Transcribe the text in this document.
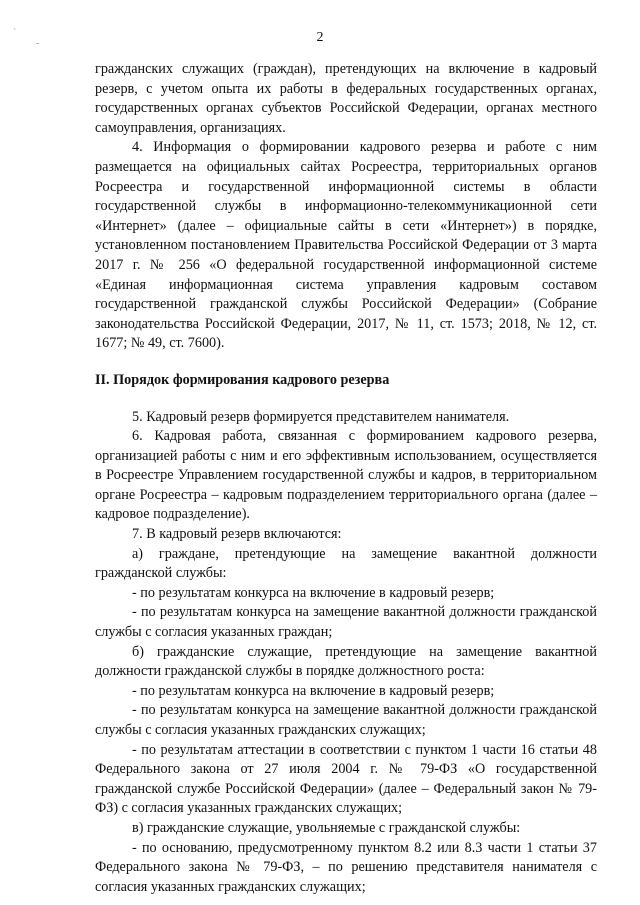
ˋ
-	2

гражданских служащих (граждан), претендующих на включение в кадровый резерв, с учетом опыта их работы в федеральных государственных органах, государственных органах субъектов Российской Федерации, органах местного самоуправления, организациях.

4. Информация о формировании кадрового резерва и работе с ним размещается на официальных сайтах Росреестра, территориальных органов Росреестра и государственной информационной системы в области государственной службы в информационно-телекоммуникационной сети «Интернет» (далее – официальные сайты в сети «Интернет») в порядке, установленном постановлением Правительства Российской Федерации от 3 марта 2017 г. № 256 «О федеральной государственной информационной системе «Единая информационная система управления кадровым составом государственной гражданской службы Российской Федерации» (Собрание законодательства Российской Федерации, 2017, № 11, ст. 1573; 2018, № 12, ст. 1677; № 49, ст. 7600).

II. Порядок формирования кадрового резерва

5. Кадровый резерв формируется представителем нанимателя.

6. Кадровая работа, связанная с формированием кадрового резерва, организацией работы с ним и его эффективным использованием, осуществляется в Росреестре Управлением государственной службы и кадров, в территориальном органе Росреестра – кадровым подразделением территориального органа (далее – кадровое подразделение).

7. В кадровый резерв включаются:

а) граждане, претендующие на замещение вакантной должности гражданской службы:

- по результатам конкурса на включение в кадровый резерв;

- по результатам конкурса на замещение вакантной должности гражданской службы с согласия указанных граждан;

б) гражданские служащие, претендующие на замещение вакантной должности гражданской службы в порядке должностного роста:

- по результатам конкурса на включение в кадровый резерв;

- по результатам конкурса на замещение вакантной должности гражданской службы с согласия указанных гражданских служащих;

- по результатам аттестации в соответствии с пунктом 1 части 16 статьи 48 Федерального закона от 27 июля 2004 г. № 79-ФЗ «О государственной гражданской службе Российской Федерации» (далее – Федеральный закон № 79-ФЗ) с согласия указанных гражданских служащих;

в) гражданские служащие, увольняемые с гражданской службы:

- по основанию, предусмотренному пунктом 8.2 или 8.3 части 1 статьи 37 Федерального закона № 79-ФЗ, – по решению представителя нанимателя с согласия указанных гражданских служащих;
